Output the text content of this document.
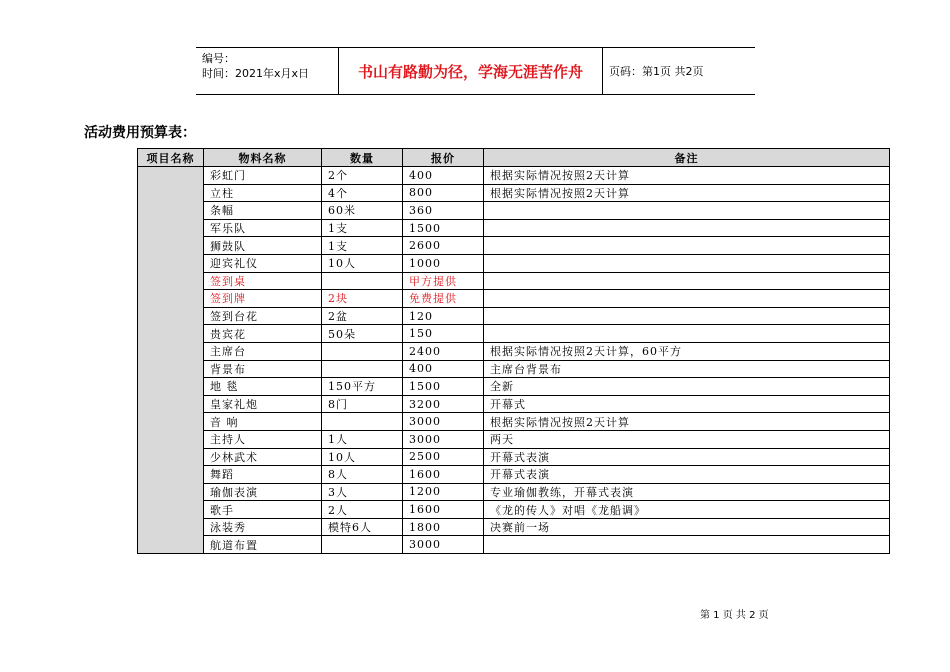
编号：
时间：2021年x月x日	书山有路勤为径，学海无涯苦作舟	页码：第1页 共2页
活动费用预算表：
项目名称	物料名称	数量	报价	备注
	彩虹门	2个	400	根据实际情况按照2天计算
	立柱	4个	800	根据实际情况按照2天计算
	条幅	60米	360	
	军乐队	1支	1500	
	狮鼓队	1支	2600	
	迎宾礼仪	10人	1000	
	签到桌		甲方提供	
	签到牌	2块	免费提供	
	签到台花	2盆	120	
	贵宾花	50朵	150	
	主席台		2400	根据实际情况按照2天计算，60平方
	背景布		400	主席台背景布
	地 毯	150平方	1500	全新
	皇家礼炮	8门	3200	开幕式
	音 响		3000	根据实际情况按照2天计算
	主持人	1人	3000	两天
	少林武术	10人	2500	开幕式表演
	舞蹈	8人	1600	开幕式表演
	瑜伽表演	3人	1200	专业瑜伽教练，开幕式表演
	歌手	2人	1600	《龙的传人》对唱《龙船调》
	泳装秀	模特6人	1800	决赛前一场
	航道布置		3000	
第 1 页 共 2 页
